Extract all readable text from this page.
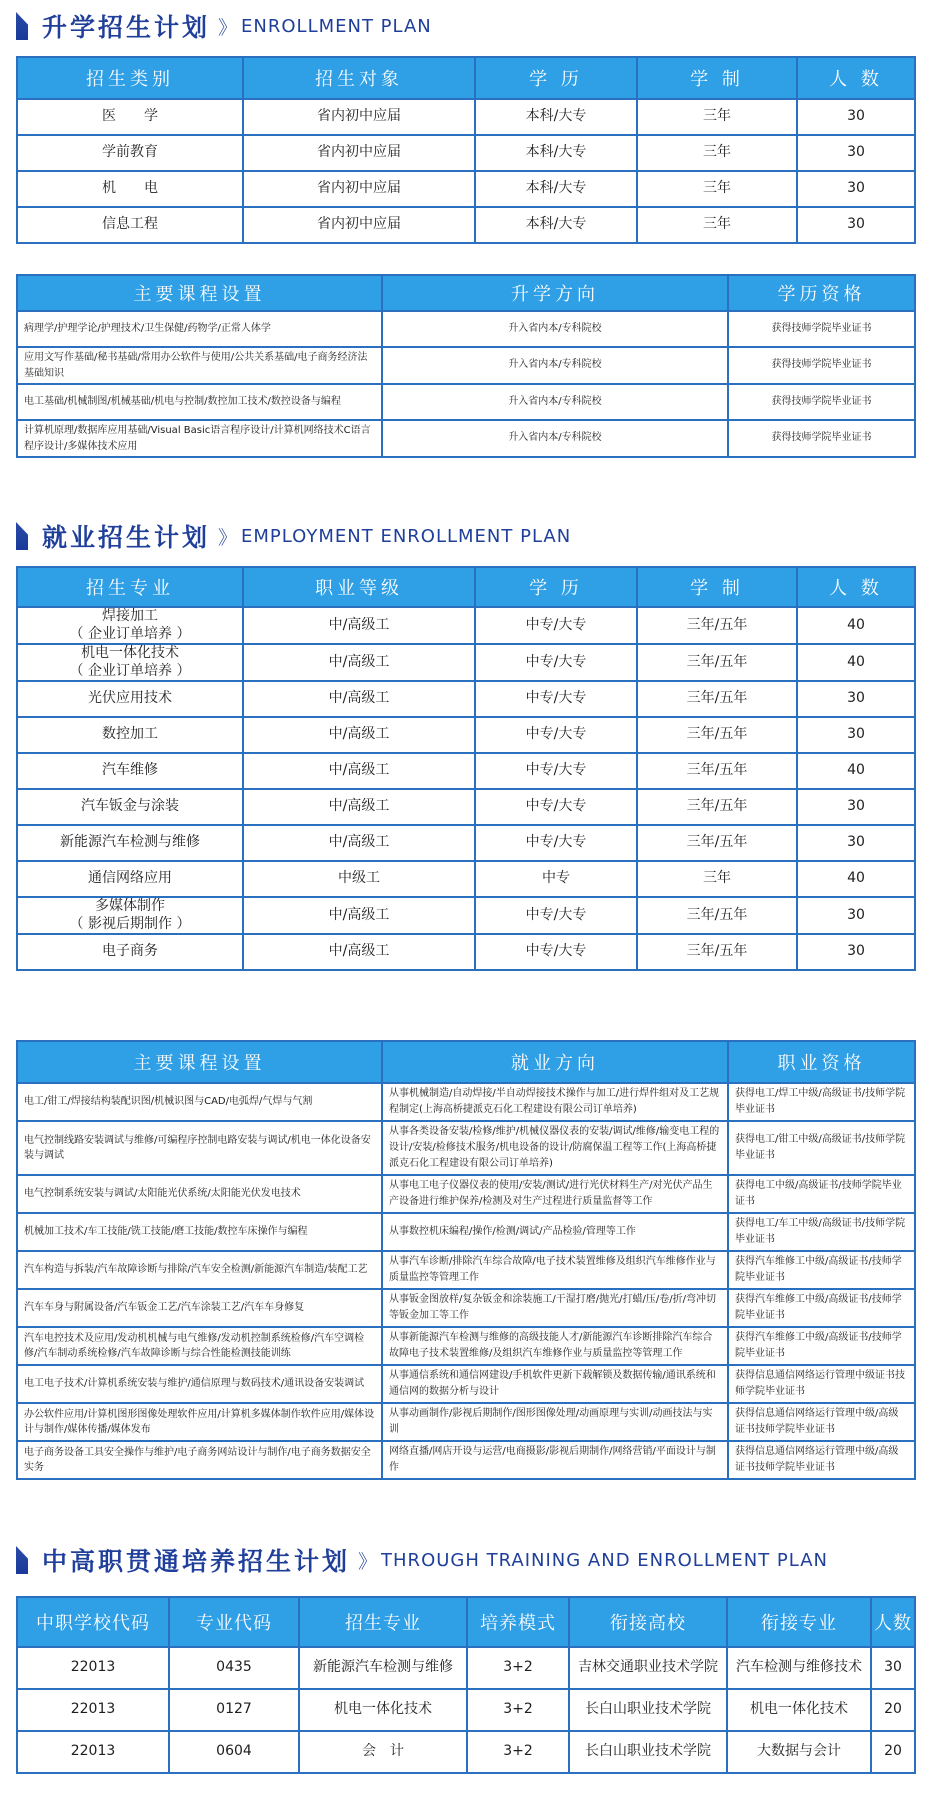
升学招生计划 》 ENROLLMENT PLAN
招生类别	招生对象	学 历	学 制	人 数
医　　学	省内初中应届	本科/大专	三年	30
学前教育	省内初中应届	本科/大专	三年	30
机　　电	省内初中应届	本科/大专	三年	30
信息工程	省内初中应届	本科/大专	三年	30
主要课程设置	升学方向	学历资格
病理学/护理学论/护理技术/卫生保健/药物学/正常人体学	升入省内本/专科院校	获得技师学院毕业证书
应用文写作基础/秘书基础/常用办公软件与使用/公共关系基础/电子商务经济法基础知识	升入省内本/专科院校	获得技师学院毕业证书
电工基础/机械制图/机械基础/机电与控制/数控加工技术/数控设备与编程	升入省内本/专科院校	获得技师学院毕业证书
计算机原理/数据库应用基础/Visual Basic语言程序设计/计算机网络技术C语言程序设计/多媒体技术应用	升入省内本/专科院校	获得技师学院毕业证书
就业招生计划 》 EMPLOYMENT ENROLLMENT PLAN
招生专业	职业等级	学 历	学 制	人 数
焊接加工
（ 企业订单培养 ）	中/高级工	中专/大专	三年/五年	40
机电一体化技术
（ 企业订单培养 ）	中/高级工	中专/大专	三年/五年	40
光伏应用技术	中/高级工	中专/大专	三年/五年	30
数控加工	中/高级工	中专/大专	三年/五年	30
汽车维修	中/高级工	中专/大专	三年/五年	40
汽车钣金与涂装	中/高级工	中专/大专	三年/五年	30
新能源汽车检测与维修	中/高级工	中专/大专	三年/五年	30
通信网络应用	中级工	中专	三年	40
多媒体制作
（ 影视后期制作 ）	中/高级工	中专/大专	三年/五年	30
电子商务	中/高级工	中专/大专	三年/五年	30
主要课程设置	就业方向	职业资格
电工/钳工/焊接结构装配识图/机械识图与CAD/电弧焊/气焊与气割	从事机械制造/自动焊接/半自动焊接技术操作与加工/进行焊件组对及工艺规程制定(上海高桥捷派克石化工程建设有限公司订单培养)	获得电工/焊工中级/高级证书/技师学院毕业证书
电气控制线路安装调试与维修/可编程序控制电路安装与调试/机电一体化设备安装与调试	从事各类设备安装/检修/维护/机械仪器仪表的安装/调试/维修/输变电工程的设计/安装/检修技术服务/机电设备的设计/防腐保温工程等工作(上海高桥捷派克石化工程建设有限公司订单培养)	获得电工/钳工中级/高级证书/技师学院毕业证书
电气控制系统安装与调试/太阳能光伏系统/太阳能光伏发电技术	从事电工电子仪器仪表的使用/安装/测试/进行光伏材料生产/对光伏产品生产设备进行维护保养/检测及对生产过程进行质量监督等工作	获得电工中级/高级证书/技师学院毕业证书
机械加工技术/车工技能/铣工技能/磨工技能/数控车床操作与编程	从事数控机床编程/操作/检测/调试/产品检验/管理等工作	获得电工/车工中级/高级证书/技师学院毕业证书
汽车构造与拆装/汽车故障诊断与排除/汽车安全检测/新能源汽车制造/装配工艺	从事汽车诊断/排除汽车综合故障/电子技术装置维修及组织汽车维修作业与质量监控等管理工作	获得汽车维修工中级/高级证书/技师学院毕业证书
汽车车身与附属设备/汽车钣金工艺/汽车涂装工艺/汽车车身修复	从事钣金图放样/复杂钣金和涂装施工/干湿打磨/抛光/打蜡/压/卷/折/弯冲切等钣金加工等工作	获得汽车维修工中级/高级证书/技师学院毕业证书
汽车电控技术及应用/发动机机械与电气维修/发动机控制系统检修/汽车空调检修/汽车制动系统检修/汽车故障诊断与综合性能检测技能训练	从事新能源汽车检测与维修的高级技能人才/新能源汽车诊断排除汽车综合故障电子技术装置维修/及组织汽车维修作业与质量监控等管理工作	获得汽车维修工中级/高级证书/技师学院毕业证书
电工电子技术/计算机系统安装与维护/通信原理与数码技术/通讯设备安装调试	从事通信系统和通信网建设/手机软件更新下载解锁及数据传输/通讯系统和通信网的数据分析与设计	获得信息通信网络运行管理中级证书技师学院毕业证书
办公软件应用/计算机图形图像处理软件应用/计算机多媒体制作软件应用/媒体设计与制作/媒体传播/媒体发布	从事动画制作/影视后期制作/图形图像处理/动画原理与实训/动画技法与实训	获得信息通信网络运行管理中级/高级证书技师学院毕业证书
电子商务设备工具安全操作与维护/电子商务网站设计与制作/电子商务数据安全实务	网络直播/网店开设与运营/电商摄影/影视后期制作/网络营销/平面设计与制作	获得信息通信网络运行管理中级/高级证书技师学院毕业证书
中高职贯通培养招生计划 》 THROUGH TRAINING AND ENROLLMENT PLAN
中职学校代码	专业代码	招生专业	培养模式	衔接高校	衔接专业	人数
22013	0435	新能源汽车检测与维修	3+2	吉林交通职业技术学院	汽车检测与维修技术	30
22013	0127	机电一体化技术	3+2	长白山职业技术学院	机电一体化技术	20
22013	0604	会　计	3+2	长白山职业技术学院	大数据与会计	20
